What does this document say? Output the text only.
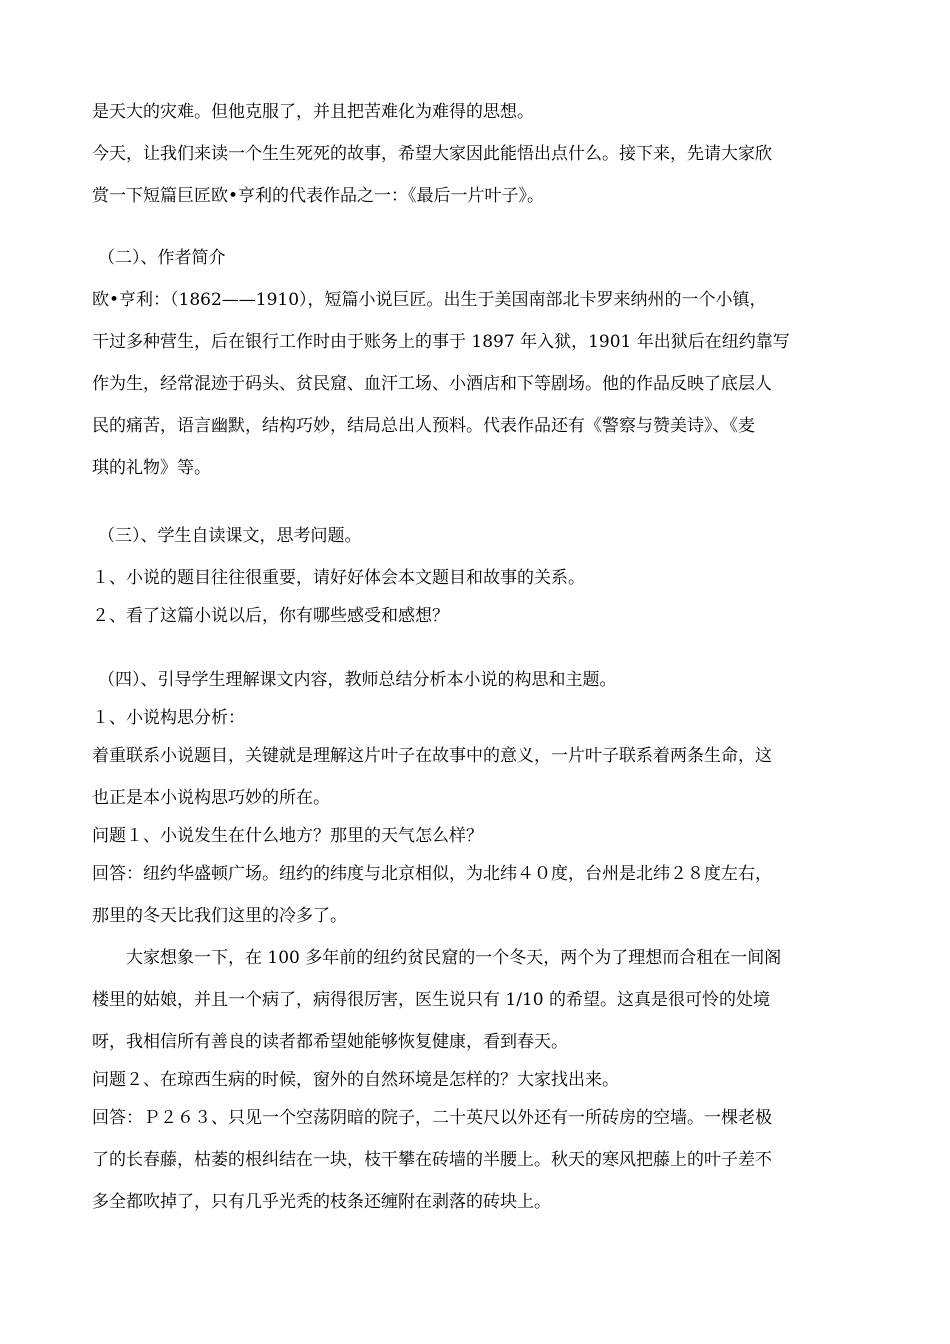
是天大的灾难。但他克服了，并且把苦难化为难得的思想。
今天，让我们来读一个生生死死的故事，希望大家因此能悟出点什么。接下来，先请大家欣
赏一下短篇巨匠欧•亨利的代表作品之一：《最后一片叶子》。
（二）、作者简介
欧•亨利：（1862——1910），短篇小说巨匠。出生于美国南部北卡罗来纳州的一个小镇，
干过多种营生，后在银行工作时由于账务上的事于 1897 年入狱，1901 年出狱后在纽约靠写
作为生，经常混迹于码头、贫民窟、血汗工场、小酒店和下等剧场。他的作品反映了底层人
民的痛苦，语言幽默，结构巧妙，结局总出人预料。代表作品还有《警察与赞美诗》、《麦
琪的礼物》等。
（三）、学生自读课文，思考问题。
１、小说的题目往往很重要，请好好体会本文题目和故事的关系。
２、看了这篇小说以后，你有哪些感受和感想？
（四）、引导学生理解课文内容，教师总结分析本小说的构思和主题。
１、小说构思分析：
着重联系小说题目，关键就是理解这片叶子在故事中的意义，一片叶子联系着两条生命，这
也正是本小说构思巧妙的所在。
问题１、小说发生在什么地方？那里的天气怎么样？
回答：纽约华盛顿广场。纽约的纬度与北京相似，为北纬４０度，台州是北纬２８度左右，
那里的冬天比我们这里的冷多了。
大家想象一下，在 100 多年前的纽约贫民窟的一个冬天，两个为了理想而合租在一间阁
楼里的姑娘，并且一个病了，病得很厉害，医生说只有 1/10 的希望。这真是很可怜的处境
呀，我相信所有善良的读者都希望她能够恢复健康，看到春天。
问题２、在琼西生病的时候，窗外的自然环境是怎样的？大家找出来。
回答：Ｐ２６３、只见一个空荡阴暗的院子，二十英尺以外还有一所砖房的空墙。一棵老极
了的长春藤，枯萎的根纠结在一块，枝干攀在砖墙的半腰上。秋天的寒风把藤上的叶子差不
多全都吹掉了，只有几乎光秃的枝条还缠附在剥落的砖块上。
